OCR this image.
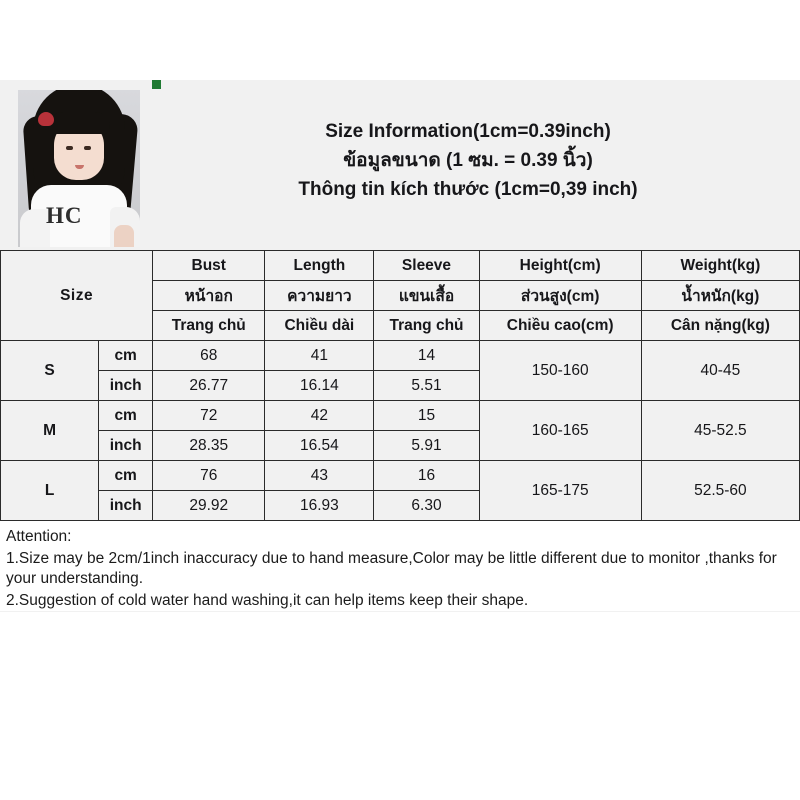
HC
Size Information(1cm=0.39inch)
ข้อมูลขนาด (1 ซม. = 0.39 นิ้ว)
Thông tin kích thước (1cm=0,39 inch)
Size		Bust	Length	Sleeve	Height(cm)	Weight(kg)
		หน้าอก	ความยาว	แขนเสื้อ	ส่วนสูง(cm)	น้ำหนัก(kg)
		Trang chủ	Chiều dài	Trang chủ	Chiều cao(cm)	Cân nặng(kg)
S	cm	68	41	14	150-160	40-45
	inch	26.77	16.14	5.51		
M	cm	72	42	15	160-165	45-52.5
	inch	28.35	16.54	5.91		
L	cm	76	43	16	165-175	52.5-60
	inch	29.92	16.93	6.30		

Attention:

1.Size may be 2cm/1inch inaccuracy due to hand measure,Color may be little different due to monitor ,thanks for your understanding.

2.Suggestion of cold water hand washing,it can help items keep their shape.
